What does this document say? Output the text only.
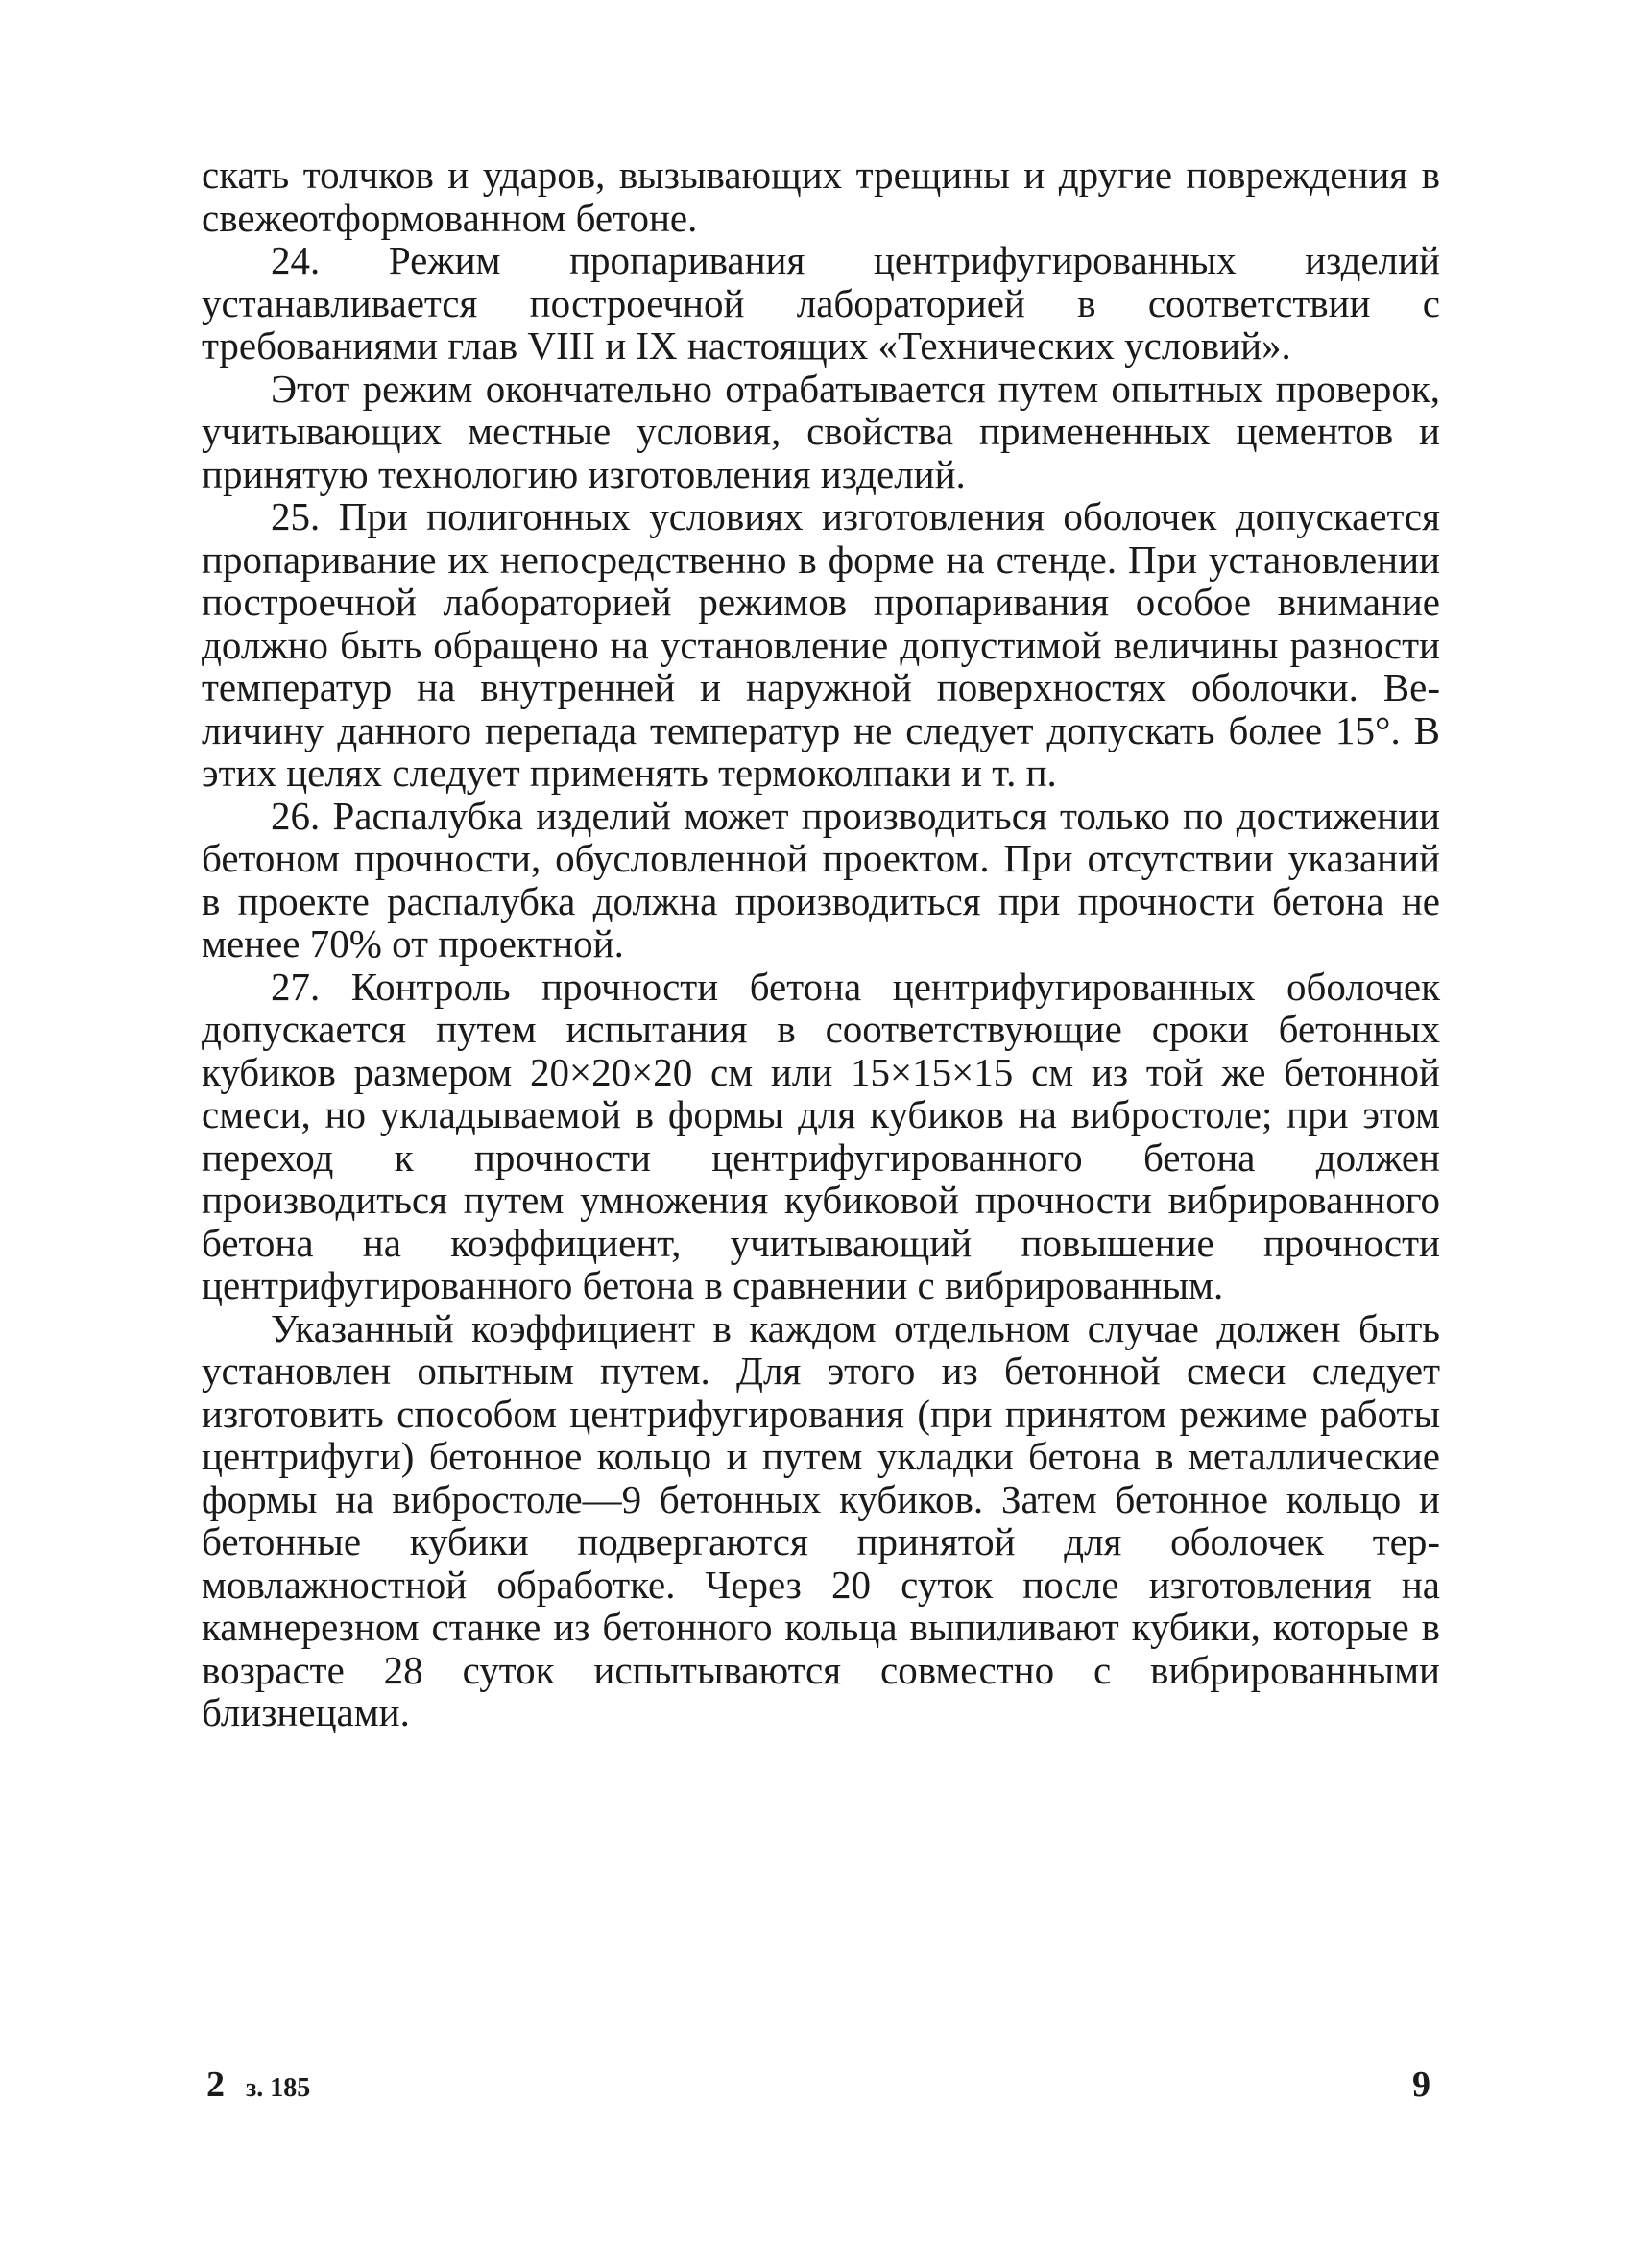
скать толчков и ударов, вызывающих трещины и другие повреждения в свежеотформованном бетоне.

24. Режим пропаривания центрифугированных изделий устанавливается построечной лабораторией в соответствии с требованиями глав VIII и IX настоящих «Технических условий».

Этот режим окончательно отрабатывается путем опытных проверок, учитывающих местные условия, свойства примененных цементов и принятую технологию изготовления изделий.

25. При полигонных условиях изготовления оболочек допускается пропаривание их непосредственно в форме на стенде. При установлении построечной лабораторией режимов пропаривания особое внимание должно быть обращено на установление допустимой величины разности температур на внутренней и наружной поверхностях оболочки. Величину данного перепада температур не следует допускать более 15°. В этих целях следует применять термоколпаки и т. п.

26. Распалубка изделий может производиться только по достижении бетоном прочности, обусловленной проектом. При отсутствии указаний в проекте распалубка должна производиться при прочности бетона не менее 70% от проектной.

27. Контроль прочности бетона центрифугированных оболочек допускается путем испытания в соответствующие сроки бетонных кубиков размером 20×20×20 см или 15×15×15 см из той же бетонной смеси, но укладываемой в формы для кубиков на вибростоле; при этом переход к прочности центрифугированного бетона должен производиться путем умножения кубиковой прочности вибрированного бетона на коэффициент, учитывающий повышение прочности центрифугированного бетона в сравнении с вибрированным.

Указанный коэффициент в каждом отдельном случае должен быть установлен опытным путем. Для этого из бетонной смеси следует изготовить способом центрифугирования (при принятом режиме работы центрифуги) бетонное кольцо и путем укладки бетона в металлические формы на вибростоле—9 бетонных кубиков. Затем бетонное кольцо и бетонные кубики подвергаются принятой для оболочек термовлажностной обработке. Через 20 суток после изготовления на камнерезном станке из бетонного кольца выпиливают кубики, которые в возрасте 28 суток испытываются совместно с вибрированными близнецами.

2 з. 185	9
